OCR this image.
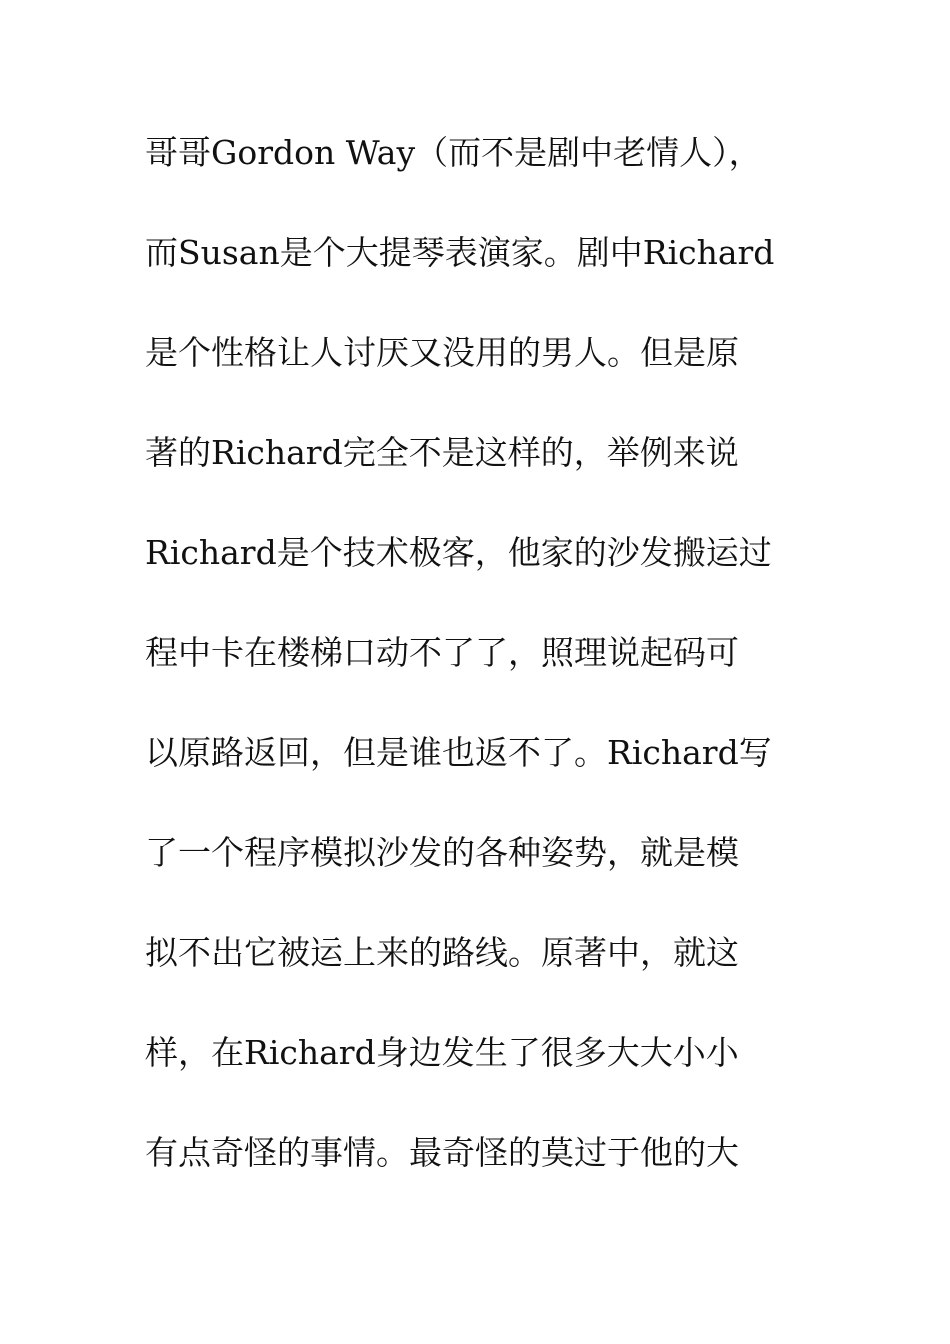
哥哥Gordon Way（而不是剧中老情人），
而Susan是个大提琴表演家。剧中Richard
是个性格让人讨厌又没用的男人。但是原
著的Richard完全不是这样的，举例来说
Richard是个技术极客，他家的沙发搬运过
程中卡在楼梯口动不了了，照理说起码可
以原路返回，但是谁也返不了。Richard写
了一个程序模拟沙发的各种姿势，就是模
拟不出它被运上来的路线。原著中，就这
样，在Richard身边发生了很多大大小小
有点奇怪的事情。最奇怪的莫过于他的大
